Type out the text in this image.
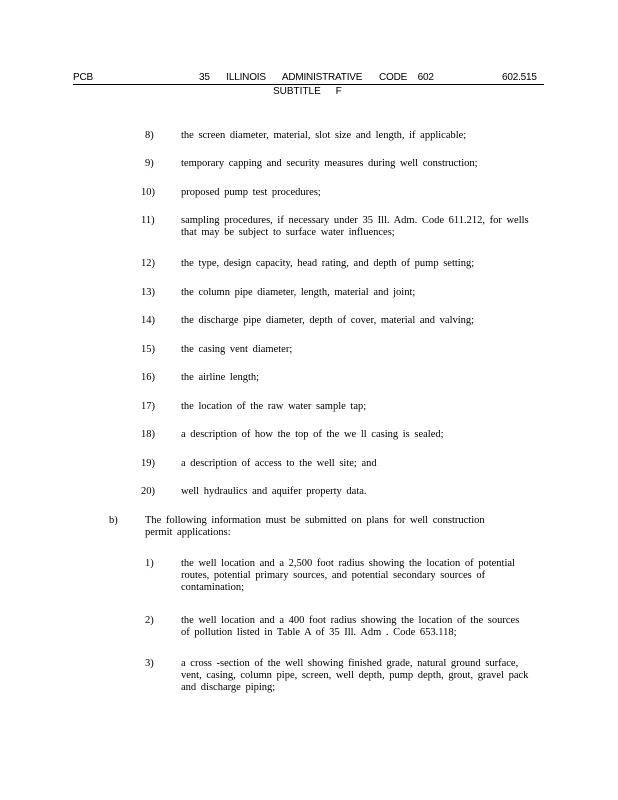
PCB	35 ILLINOIS ADMINISTRATIVE CODE 602	602.515
SUBTITLE F
8)	the screen diameter, material, slot size and length, if applicable;
9)	temporary capping and security measures during well construction;
10) proposed pump test procedures;
11)	sampling procedures, if necessary under 35 Ill. Adm. Code 611.212, for wells that may be subject to surface water influences;
12) the type, design capacity, head rating, and depth of pump setting;
13) the column pipe diameter, length, material and joint;
14) the discharge pipe diameter, depth of cover, material and valving;
15) the casing vent diameter;
16) the airline length;
17) the location of the raw water sample tap;
18) a description of how the top of the we ll casing is sealed;
19) a description of access to the well site; and
20) well hydraulics and aquifer property data.
b)	The following information must be submitted on plans for well construction permit applications:
1)	the well location and a 2,500 foot radius showing the location of potential routes, potential primary sources, and potential secondary sources of contamination;
2)	the well location and a 400 foot radius showing the location of the sources of pollution listed in Table A of 35 Ill. Adm . Code 653.118;
3)	a cross -section of the well showing finished grade, natural ground surface, vent, casing, column pipe, screen, well depth, pump depth, grout, gravel pack and discharge piping;
